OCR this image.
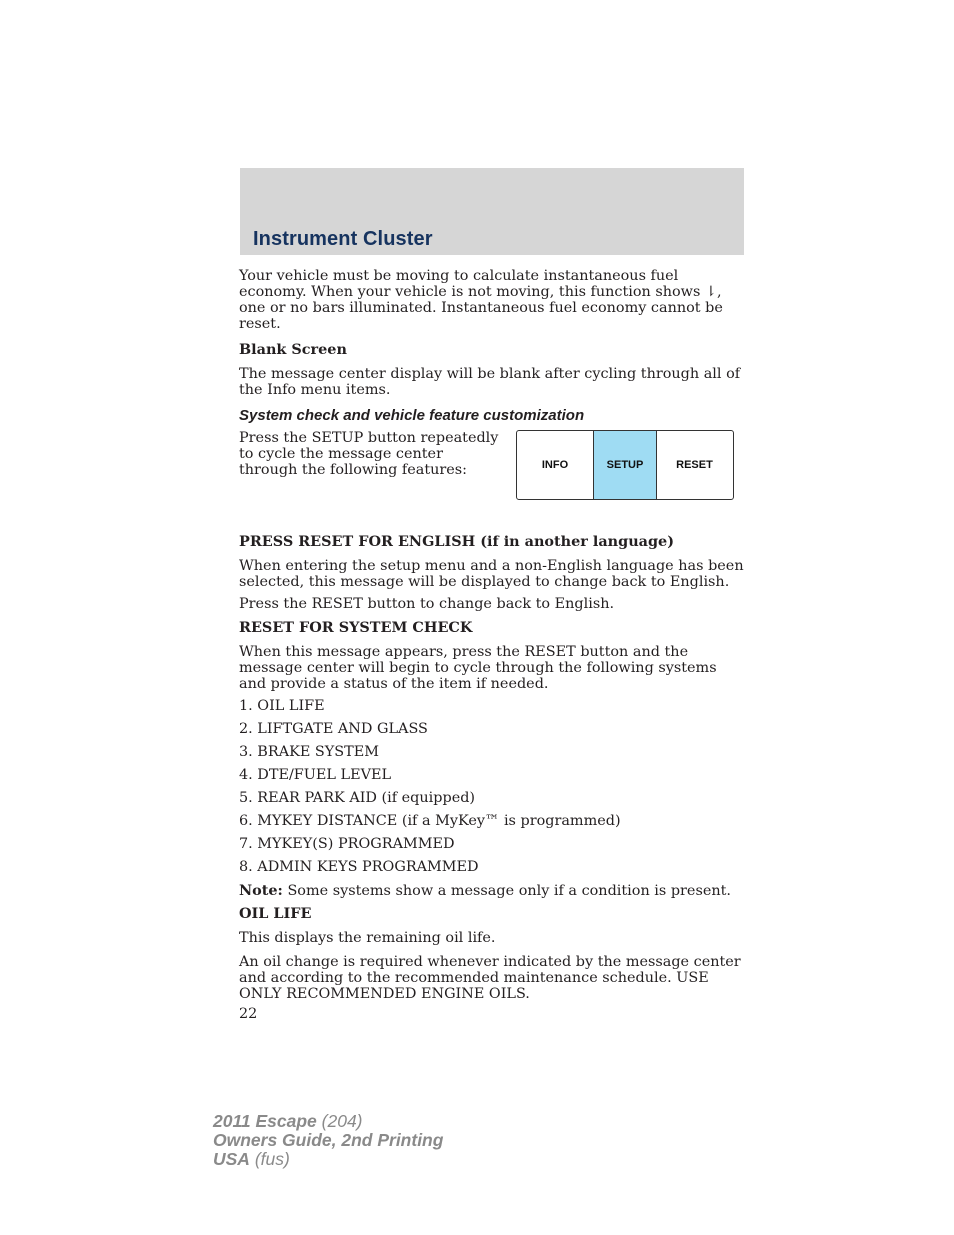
Instrument Cluster

Your vehicle must be moving to calculate instantaneous fuel economy. When your vehicle is not moving, this function shows ⇂, one or no bars illuminated. Instantaneous fuel economy cannot be reset.

Blank Screen

The message center display will be blank after cycling through all of the Info menu items.

System check and vehicle feature customization

Press the SETUP button repeatedly to cycle the message center through the following features:	INFO	SETUP	RESET

PRESS RESET FOR ENGLISH (if in another language)

When entering the setup menu and a non-English language has been selected, this message will be displayed to change back to English.

Press the RESET button to change back to English.

RESET FOR SYSTEM CHECK

When this message appears, press the RESET button and the message center will begin to cycle through the following systems and provide a status of the item if needed.

1. OIL LIFE

2. LIFTGATE AND GLASS

3. BRAKE SYSTEM

4. DTE/FUEL LEVEL

5. REAR PARK AID (if equipped)

6. MYKEY DISTANCE (if a MyKey™ is programmed)

7. MYKEY(S) PROGRAMMED

8. ADMIN KEYS PROGRAMMED

Note: Some systems show a message only if a condition is present.

OIL LIFE

This displays the remaining oil life.

An oil change is required whenever indicated by the message center and according to the recommended maintenance schedule. USE ONLY RECOMMENDED ENGINE OILS.

22

2011 Escape (204)
Owners Guide, 2nd Printing
USA (fus)
